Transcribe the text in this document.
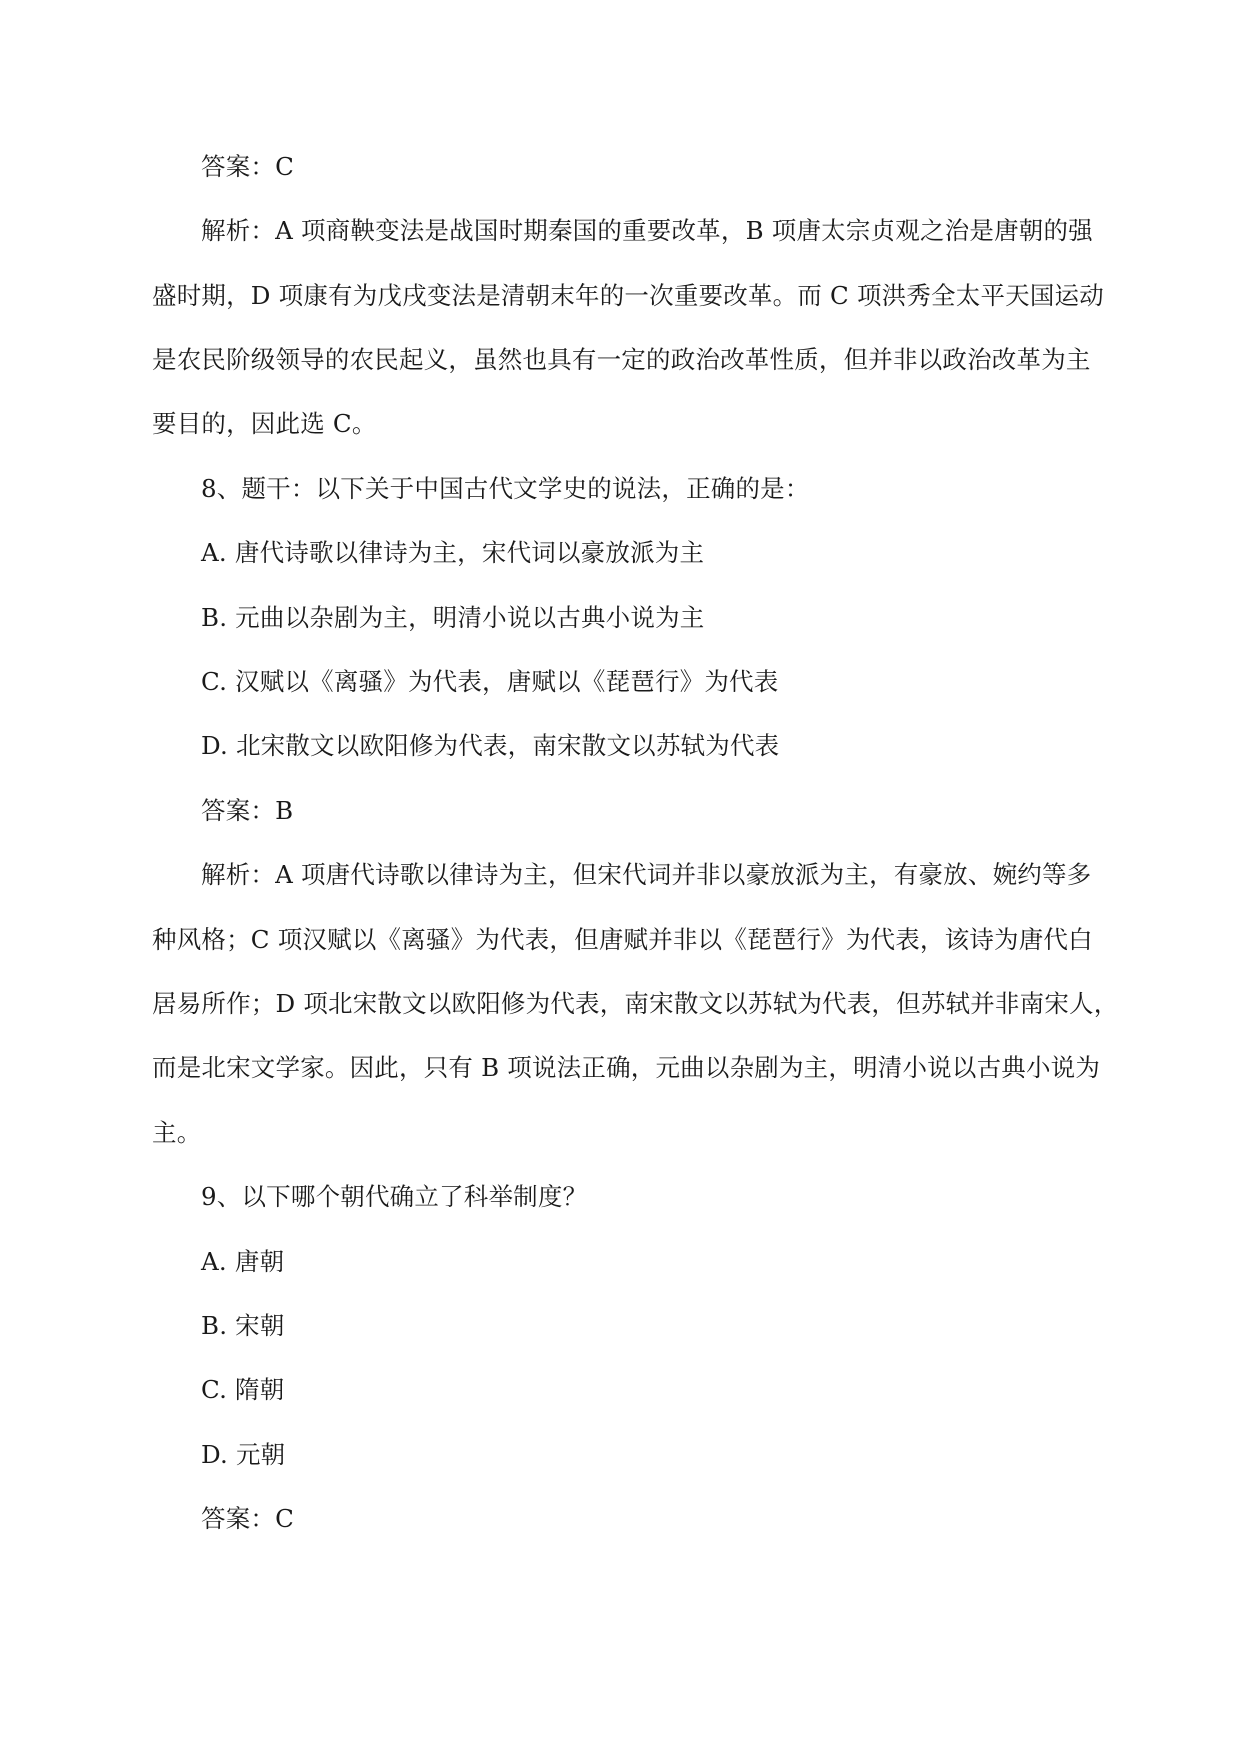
答案：C
解析：A 项商鞅变法是战国时期秦国的重要改革，B 项唐太宗贞观之治是唐朝的强
盛时期，D 项康有为戊戌变法是清朝末年的一次重要改革。而 C 项洪秀全太平天国运动
是农民阶级领导的农民起义，虽然也具有一定的政治改革性质，但并非以政治改革为主
要目的，因此选 C。
8、题干：以下关于中国古代文学史的说法，正确的是：
A. 唐代诗歌以律诗为主，宋代词以豪放派为主
B. 元曲以杂剧为主，明清小说以古典小说为主
C. 汉赋以《离骚》为代表，唐赋以《琵琶行》为代表
D. 北宋散文以欧阳修为代表，南宋散文以苏轼为代表
答案：B
解析：A 项唐代诗歌以律诗为主，但宋代词并非以豪放派为主，有豪放、婉约等多
种风格；C 项汉赋以《离骚》为代表，但唐赋并非以《琵琶行》为代表，该诗为唐代白
居易所作；D 项北宋散文以欧阳修为代表，南宋散文以苏轼为代表，但苏轼并非南宋人，
而是北宋文学家。因此，只有 B 项说法正确，元曲以杂剧为主，明清小说以古典小说为
主。
9、以下哪个朝代确立了科举制度？
A. 唐朝
B. 宋朝
C. 隋朝
D. 元朝
答案：C
